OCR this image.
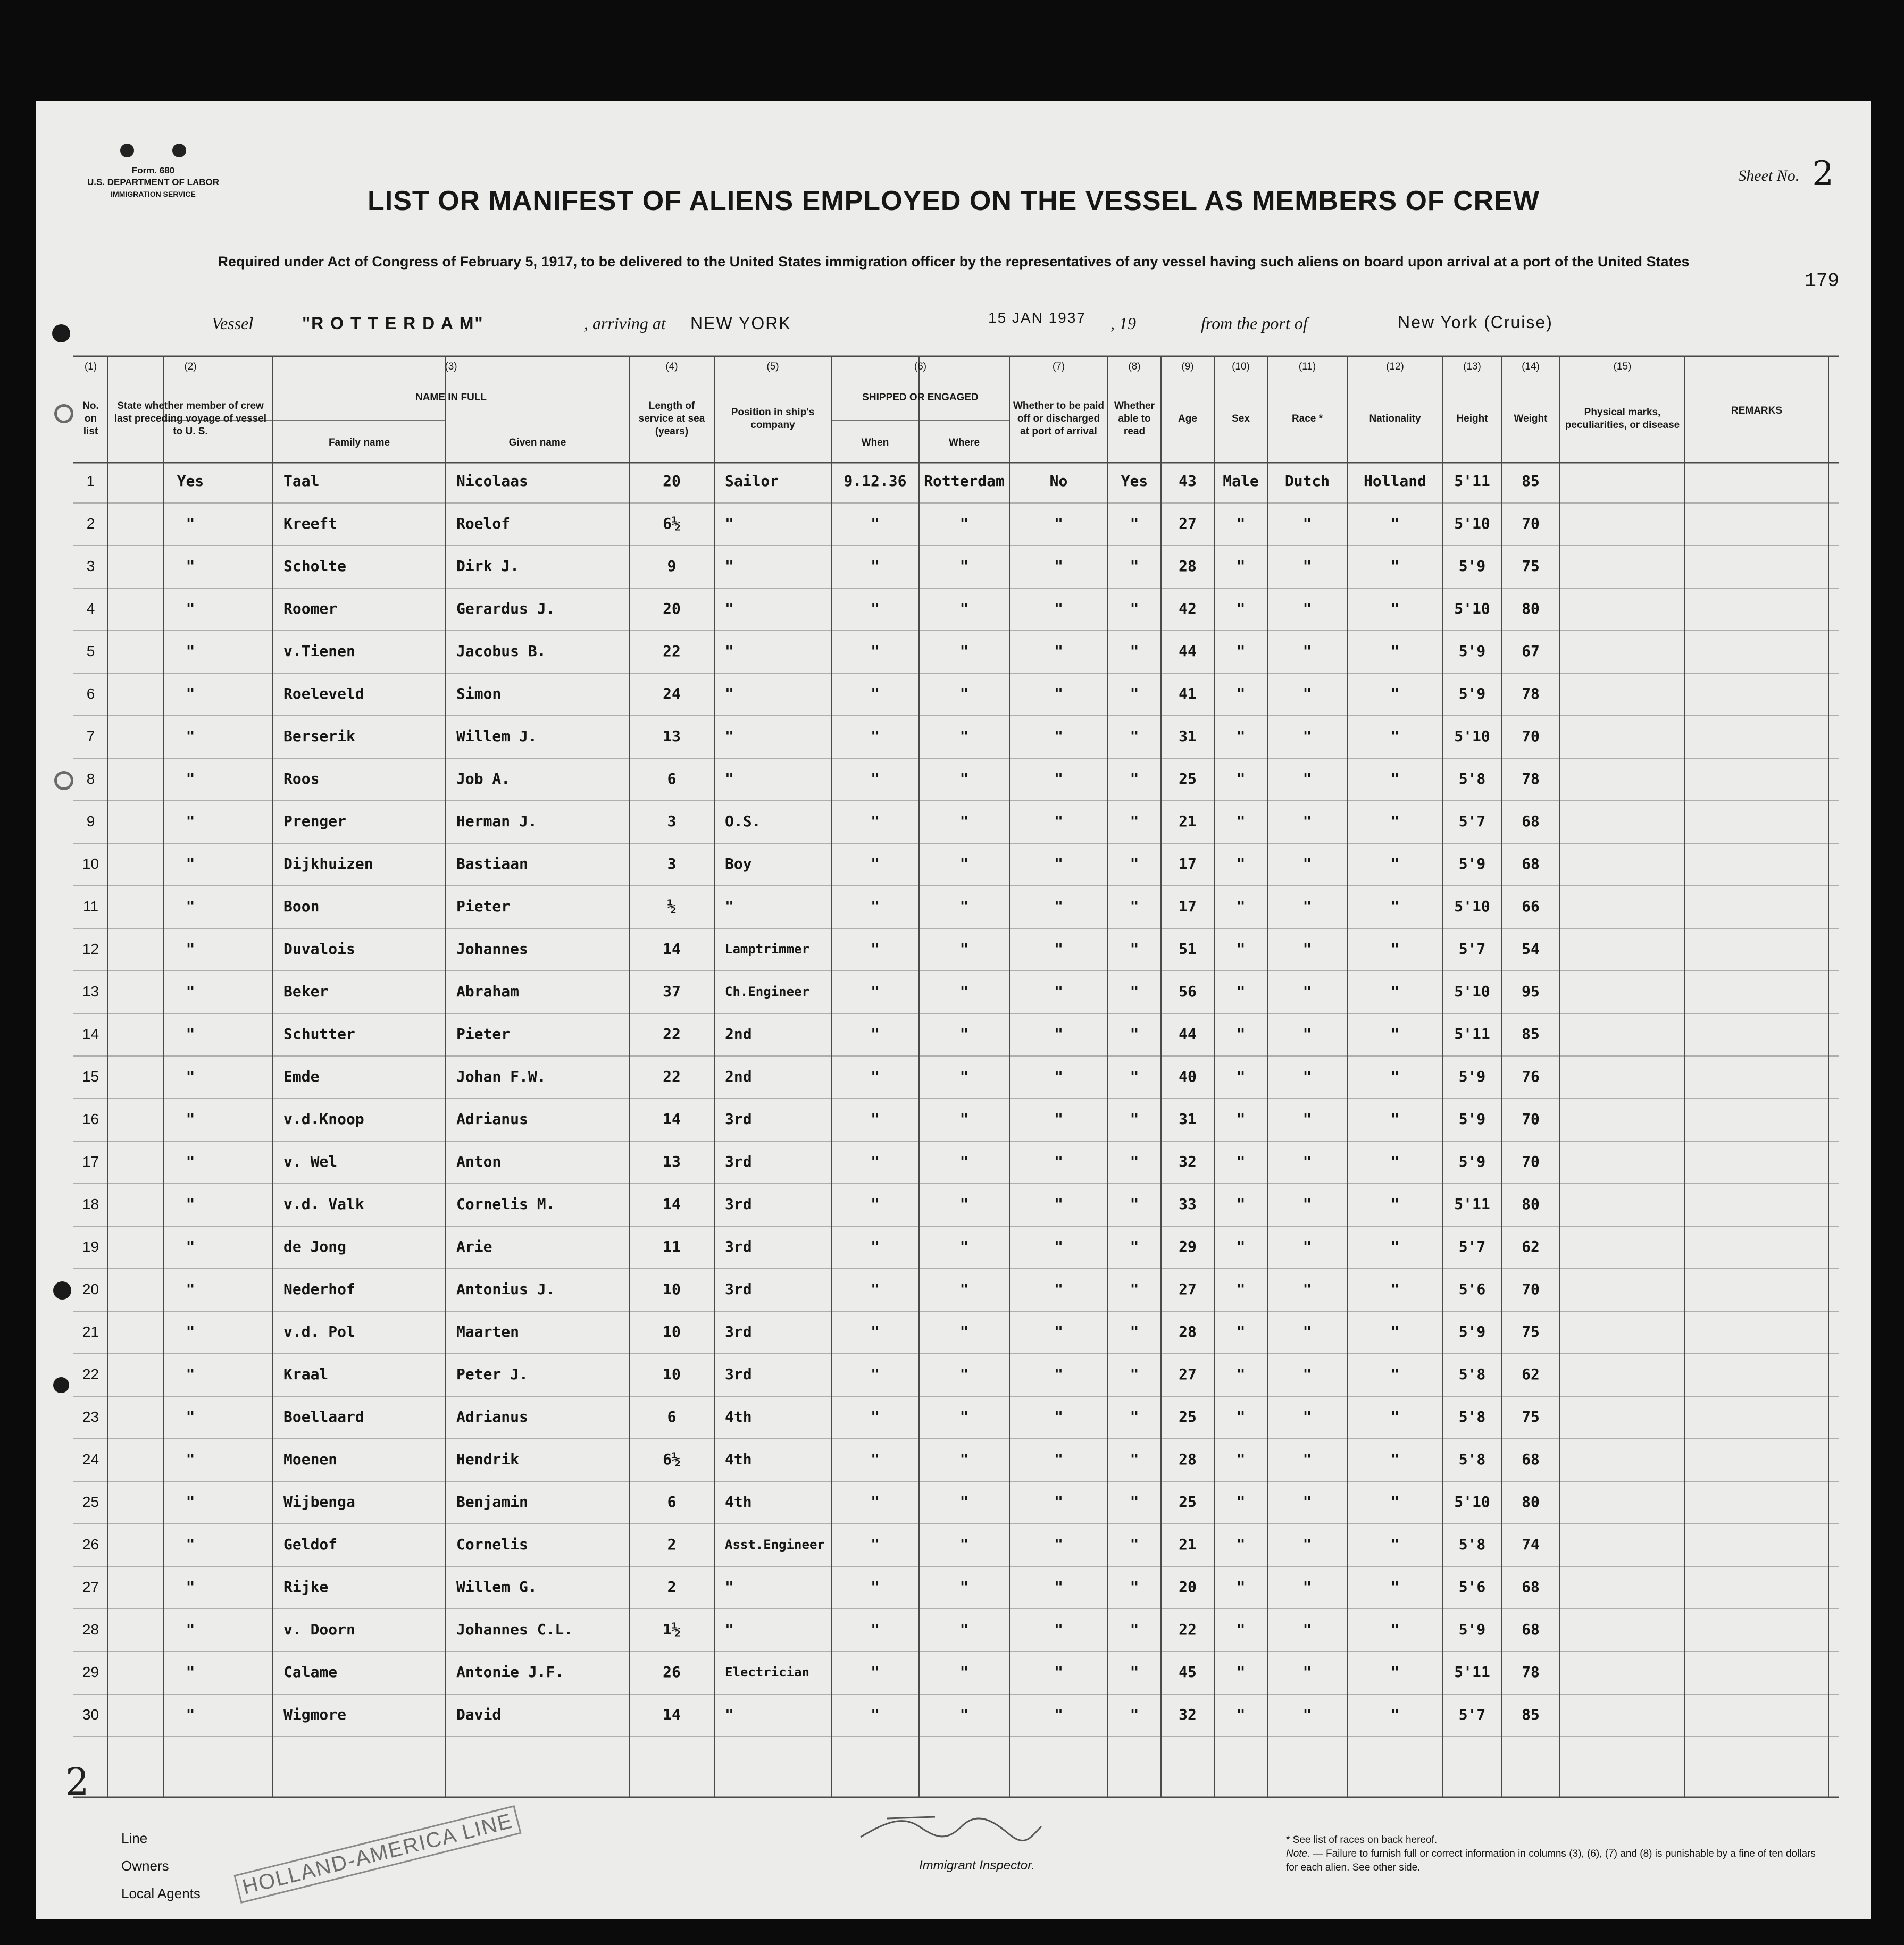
Form. 680
U.S. DEPARTMENT OF LABOR
IMMIGRATION SERVICE
Sheet No. 2
LIST OR MANIFEST OF ALIENS EMPLOYED ON THE VESSEL AS MEMBERS OF CREW
Required under Act of Congress of February 5, 1917, to be delivered to the United States immigration officer by the representatives of any vessel having such aliens on board upon arrival at a port of the United States
179
Vessel	"R O T T E R D A M"	, arriving at NEW YORK	15 JAN 1937 , 19	from the port of	New York (Cruise)
(1)
No. on list
(2)
State whether member of crew last preceding voyage of vessel to U. S.
(3)
NAME IN FULL
Family name	Given name
(4)
Length of service at sea (years)
(5)
Position in ship's company
(6)
SHIPPED OR ENGAGED
When	Where
(7)
Whether to be paid off or discharged at port of arrival
(8)
Whether able to read
(9)
Age
(10)
Sex
(11)
Race *
(12)
Nationality
(13)
Height
(14)
Weight
(15)
Physical marks, peculiarities, or disease
REMARKS
1	Yes	Taal	Nicolaas	20	Sailor	9.12.36	Rotterdam	No	Yes	43	Male	Dutch	Holland	5'11	85
2	"	Kreeft	Roelof	6½	"	"	"	"	"	27	"	"	"	5'10	70
3	"	Scholte	Dirk J.	9	"	"	"	"	"	28	"	"	"	5'9	75
4	"	Roomer	Gerardus J.	20	"	"	"	"	"	42	"	"	"	5'10	80
5	"	v.Tienen	Jacobus B.	22	"	"	"	"	"	44	"	"	"	5'9	67
6	"	Roeleveld	Simon	24	"	"	"	"	"	41	"	"	"	5'9	78
7	"	Berserik	Willem J.	13	"	"	"	"	"	31	"	"	"	5'10	70
8	"	Roos	Job A.	6	"	"	"	"	"	25	"	"	"	5'8	78
9	"	Prenger	Herman J.	3	O.S.	"	"	"	"	21	"	"	"	5'7	68
10	"	Dijkhuizen	Bastiaan	3	Boy	"	"	"	"	17	"	"	"	5'9	68
11	"	Boon	Pieter	½	"	"	"	"	"	17	"	"	"	5'10	66
12	"	Duvalois	Johannes	14	Lamptrimmer	"	"	"	"	51	"	"	"	5'7	54
13	"	Beker	Abraham	37	Ch.Engineer	"	"	"	"	56	"	"	"	5'10	95
14	"	Schutter	Pieter	22	2nd	"	"	"	"	44	"	"	"	5'11	85
15	"	Emde	Johan F.W.	22	2nd	"	"	"	"	40	"	"	"	5'9	76
16	"	v.d.Knoop	Adrianus	14	3rd	"	"	"	"	31	"	"	"	5'9	70
17	"	v. Wel	Anton	13	3rd	"	"	"	"	32	"	"	"	5'9	70
18	"	v.d. Valk	Cornelis M.	14	3rd	"	"	"	"	33	"	"	"	5'11	80
19	"	de Jong	Arie	11	3rd	"	"	"	"	29	"	"	"	5'7	62
20	"	Nederhof	Antonius J.	10	3rd	"	"	"	"	27	"	"	"	5'6	70
21	"	v.d. Pol	Maarten	10	3rd	"	"	"	"	28	"	"	"	5'9	75
22	"	Kraal	Peter J.	10	3rd	"	"	"	"	27	"	"	"	5'8	62
23	"	Boellaard	Adrianus	6	4th	"	"	"	"	25	"	"	"	5'8	75
24	"	Moenen	Hendrik	6½	4th	"	"	"	"	28	"	"	"	5'8	68
25	"	Wijbenga	Benjamin	6	4th	"	"	"	"	25	"	"	"	5'10	80
26	"	Geldof	Cornelis	2	Asst.Engineer	"	"	"	"	21	"	"	"	5'8	74
27	"	Rijke	Willem G.	2	"	"	"	"	"	20	"	"	"	5'6	68
28	"	v. Doorn	Johannes C.L.	1½	"	"	"	"	"	22	"	"	"	5'9	68
29	"	Calame	Antonie J.F.	26	Electrician	"	"	"	"	45	"	"	"	5'11	78
30	"	Wigmore	David	14	"	"	"	"	"	32	"	"	"	5'7	85
2
Line
Owners
Local Agents HOLLAND-AMERICA LINE	Immigrant Inspector.
* See list of races on back hereof.
Note. — Failure to furnish full or correct information in columns (3), (6), (7) and (8) is punishable by a fine of ten dollars for each alien. See other side.
